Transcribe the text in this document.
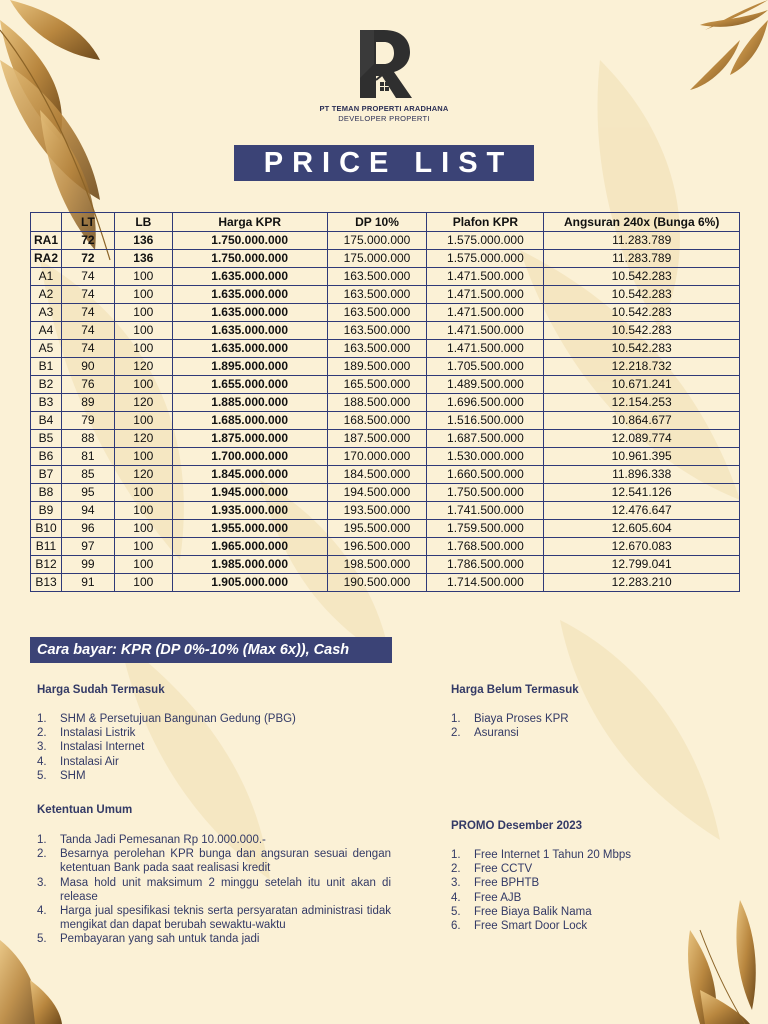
PT TEMAN PROPERTI ARADHANA
DEVELOPER PROPERTI
PRICE LIST
	LT	LB	Harga KPR	DP 10%	Plafon KPR	Angsuran 240x (Bunga 6%)
RA1	72	136	1.750.000.000	175.000.000	1.575.000.000	11.283.789
RA2	72	136	1.750.000.000	175.000.000	1.575.000.000	11.283.789
A1	74	100	1.635.000.000	163.500.000	1.471.500.000	10.542.283
A2	74	100	1.635.000.000	163.500.000	1.471.500.000	10.542.283
A3	74	100	1.635.000.000	163.500.000	1.471.500.000	10.542.283
A4	74	100	1.635.000.000	163.500.000	1.471.500.000	10.542.283
A5	74	100	1.635.000.000	163.500.000	1.471.500.000	10.542.283
B1	90	120	1.895.000.000	189.500.000	1.705.500.000	12.218.732
B2	76	100	1.655.000.000	165.500.000	1.489.500.000	10.671.241
B3	89	120	1.885.000.000	188.500.000	1.696.500.000	12.154.253
B4	79	100	1.685.000.000	168.500.000	1.516.500.000	10.864.677
B5	88	120	1.875.000.000	187.500.000	1.687.500.000	12.089.774
B6	81	100	1.700.000.000	170.000.000	1.530.000.000	10.961.395
B7	85	120	1.845.000.000	184.500.000	1.660.500.000	11.896.338
B8	95	100	1.945.000.000	194.500.000	1.750.500.000	12.541.126
B9	94	100	1.935.000.000	193.500.000	1.741.500.000	12.476.647
B10	96	100	1.955.000.000	195.500.000	1.759.500.000	12.605.604
B11	97	100	1.965.000.000	196.500.000	1.768.500.000	12.670.083
B12	99	100	1.985.000.000	198.500.000	1.786.500.000	12.799.041
B13	91	100	1.905.000.000	190.500.000	1.714.500.000	12.283.210
Cara bayar: KPR (DP 0%-10% (Max 6x)), Cash
Harga Sudah Termasuk
1.	SHM & Persetujuan Bangunan Gedung (PBG)
2.	Instalasi Listrik
3.	Instalasi Internet
4.	Instalasi Air
5.	SHM
Harga Belum Termasuk
1.	Biaya Proses KPR
2.	Asuransi
Ketentuan Umum
1.	Tanda Jadi Pemesanan Rp 10.000.000.-
2.	Besarnya perolehan KPR bunga dan angsuran sesuai dengan ketentuan Bank pada saat realisasi kredit
3.	Masa hold unit maksimum 2 minggu setelah itu unit akan di release
4.	Harga jual spesifikasi teknis serta persyaratan administrasi tidak mengikat dan dapat berubah sewaktu-waktu
5.	Pembayaran yang sah untuk tanda jadi
PROMO Desember 2023
1.	Free Internet 1 Tahun 20 Mbps
2.	Free CCTV
3.	Free BPHTB
4.	Free AJB
5.	Free Biaya Balik Nama
6.	Free Smart Door Lock
